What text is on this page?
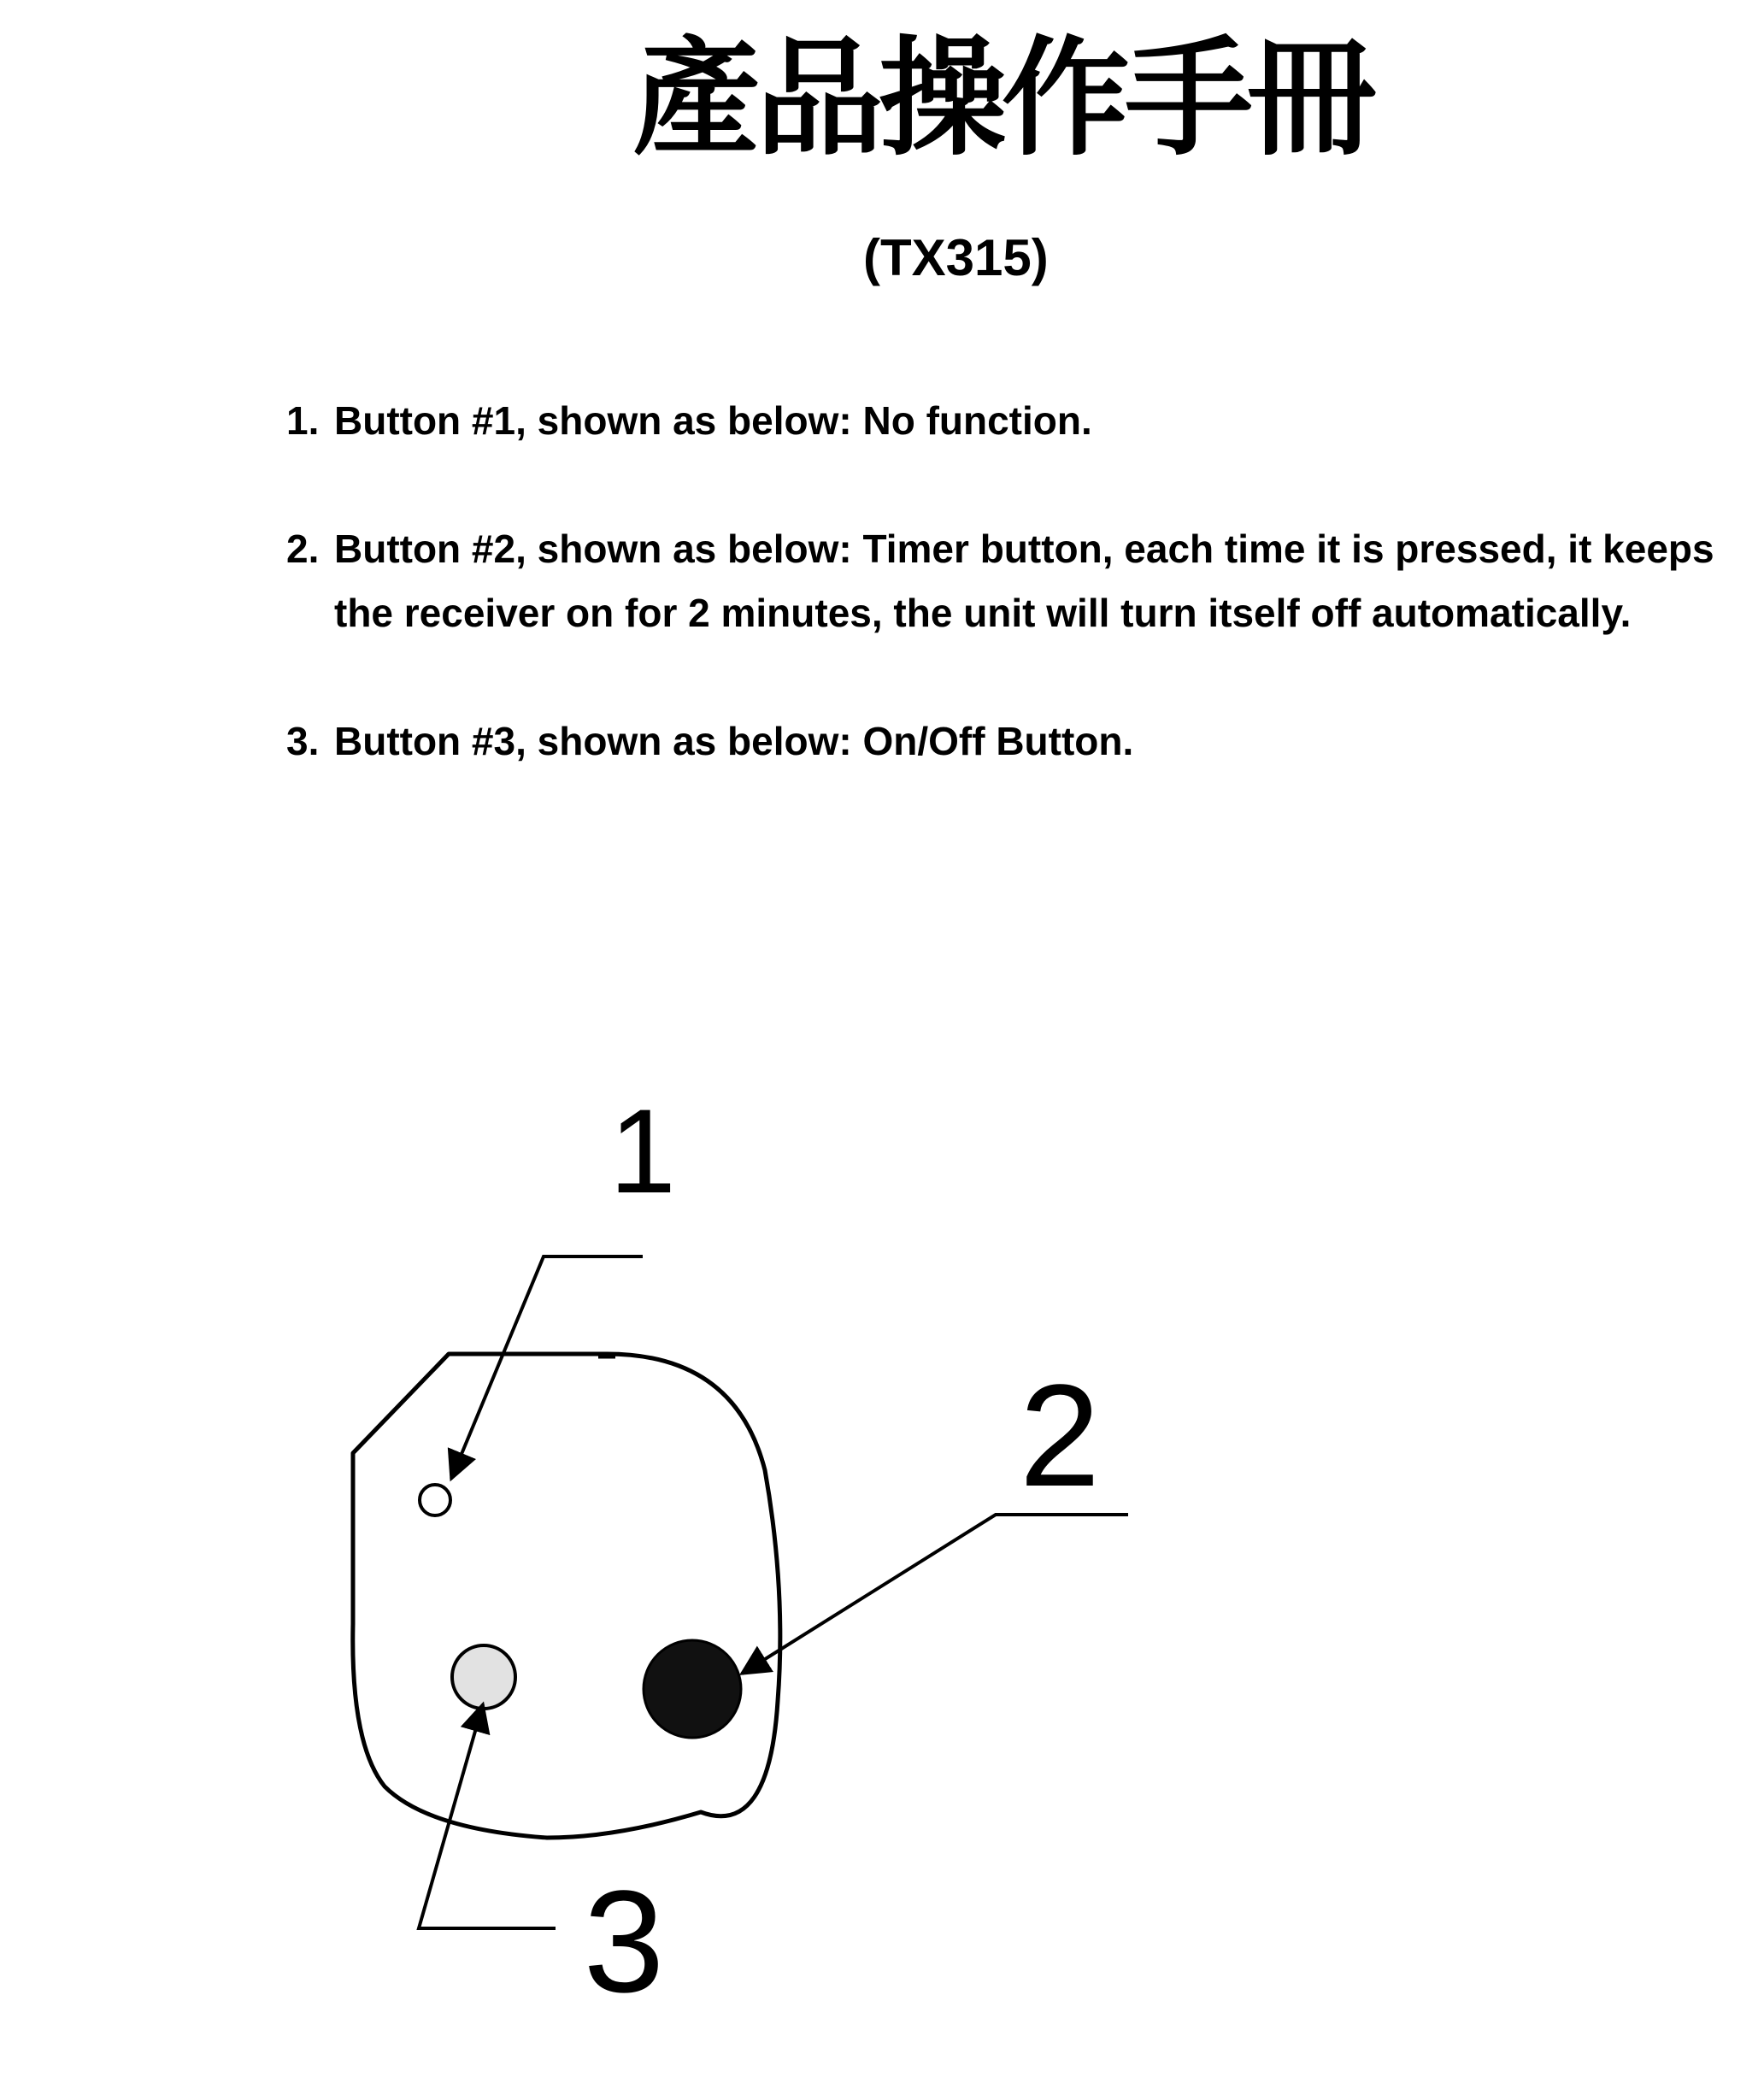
產品操作手冊
(TX315)
1. Button #1, shown as below: No function.
2. Button #2, shown as below: Timer button, each time it is pressed, it keeps the receiver on for 2 minutes, the unit will turn itself off automatically.
3. Button #3, shown as below: On/Off Button.
1
2
3
